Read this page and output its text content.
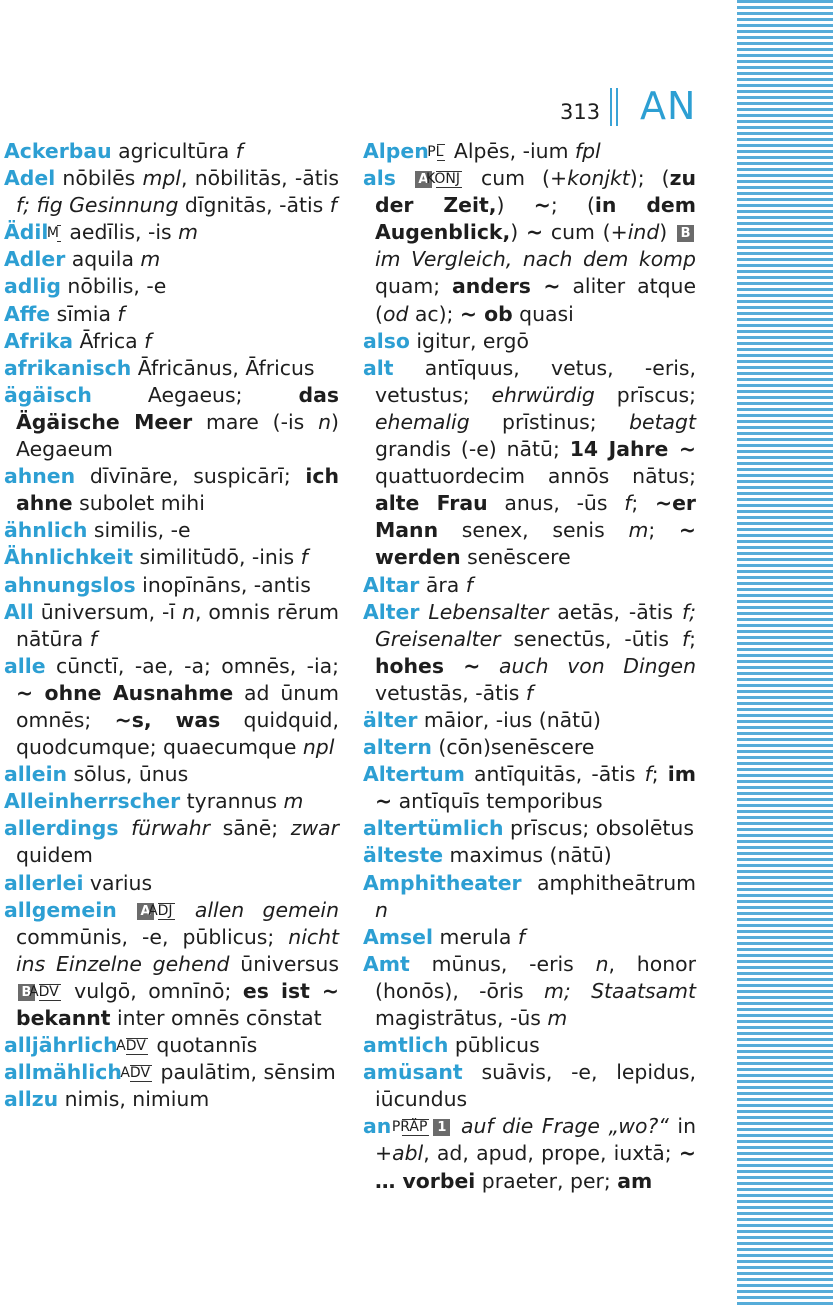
313 AN

Ackerbau agricultūra f

Adel nōbilēs mpl, nōbilitās, -ātis f; fig Gesinnung dīgnitās, -ātis f

Ädil M aedīlis, -is m

Adler aquila m

adlig nōbilis, -e

Affe sīmia f

Afrika Āfrica f

afrikanisch Āfricānus, Āfricus

ägäisch Aegaeus; das Ägäische Meer mare (-is n) Aegaeum

ahnen dīvīnāre, suspicārī; ich ahne subolet mihi

ähnlich similis, -e

Ähnlichkeit similitūdō, -inis f

ahnungslos inopīnāns, -antis

All ūniversum, -ī n, omnis rērum nātūra f

alle cūnctī, -ae, -a; omnēs, -ia; ~ ohne Ausnahme ad ūnum omnēs; ~s, was quidquid, quodcumque; quaecumque npl

allein sōlus, ūnus

Alleinherrscher tyrannus m

allerdings fürwahr sānē; zwar quidem

allerlei varius

allgemein AADJ allen gemein commūnis, -e, pūblicus; nicht ins Einzelne gehend ūniversus BADV vulgō, omnīnō; es ist ~ bekannt inter omnēs cōnstat

alljährlich ADV quotannīs

allmählich ADV paulātim, sēnsim

allzu nimis, nimium

Alpen PL Alpēs, -ium fpl

als AKONJ cum (+konjkt); (zu der Zeit,) ~; (in dem Augenblick,) ~ cum (+ind) B im Vergleich, nach dem komp quam; anders ~ aliter atque (od ac); ~ ob quasi

also igitur, ergō

alt antīquus, vetus, -eris, vetustus; ehrwürdig prīscus; ehemalig prīstinus; betagt grandis (-e) nātū; 14 Jahre ~ quattuordecim annōs nātus; alte Frau anus, -ūs f; ~er Mann senex, senis m; ~ werden senēscere

Altar āra f

Alter Lebensalter aetās, -ātis f; Greisenalter senectūs, -ūtis f; hohes ~ auch von Dingen vetustās, -ātis f

älter māior, -ius (nātū)

altern (cōn)senēscere

Altertum antīquitās, -ātis f; im ~ antīquīs temporibus

altertümlich prīscus; obsolētus

älteste maximus (nātū)

Amphitheater amphitheātrum n

Amsel merula f

Amt mūnus, -eris n, honor (honōs), -ōris m; Staatsamt magistrātus, -ūs m

amtlich pūblicus

amüsant suāvis, -e, lepidus, iūcundus

an PRÄP 1 auf die Frage „wo?“ in +abl, ad, apud, prope, iuxtā; ~ … vorbei praeter, per; am
